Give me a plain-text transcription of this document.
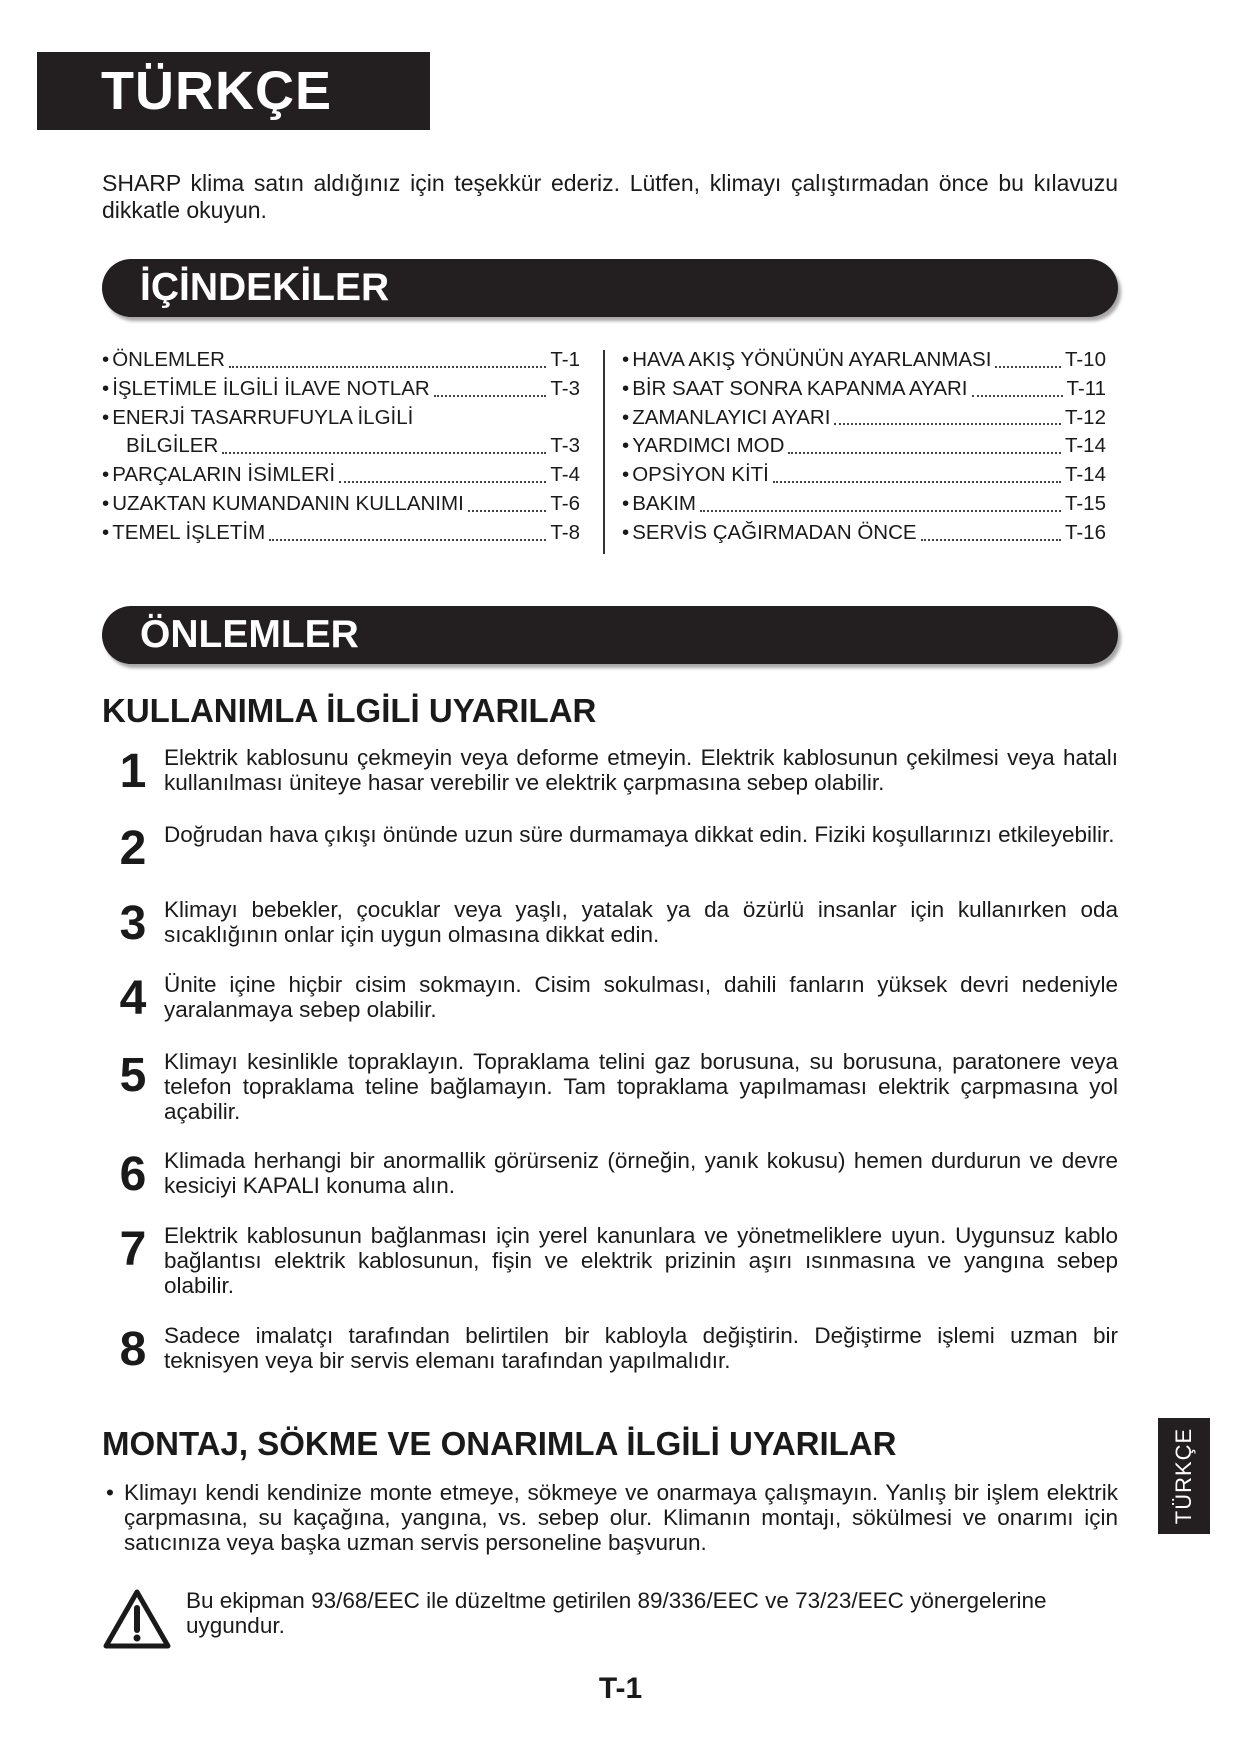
TÜRKÇE
SHARP klima satın aldığınız için teşekkür ederiz. Lütfen, klimayı çalıştırmadan önce bu kılavuzu dikkatle okuyun.
İÇİNDEKİLER
• ÖNLEMLER	T-1
• İŞLETİMLE İLGİLİ İLAVE NOTLAR	T-3
• ENERJİ TASARRUFUYLA İLGİLİ
BİLGİLER	T-3
• PARÇALARIN İSİMLERİ	T-4
• UZAKTAN KUMANDANIN KULLANIMI	T-6
• TEMEL İŞLETİM	T-8
• HAVA AKIŞ YÖNÜNÜN AYARLANMASI	T-10
• BİR SAAT SONRA KAPANMA AYARI	T-11
• ZAMANLAYICI AYARI	T-12
• YARDIMCI MOD	T-14
• OPSİYON KİTİ	T-14
• BAKIM	T-15
• SERVİS ÇAĞIRMADAN ÖNCE	T-16
ÖNLEMLER
KULLANIMLA İLGİLİ UYARILAR
1 Elektrik kablosunu çekmeyin veya deforme etmeyin. Elektrik kablosunun çekilmesi veya hatalı kullanılması üniteye hasar verebilir ve elektrik çarpmasına sebep olabilir.
2 Doğrudan hava çıkışı önünde uzun süre durmamaya dikkat edin. Fiziki koşullarınızı etkileyebilir.
3 Klimayı bebekler, çocuklar veya yaşlı, yatalak ya da özürlü insanlar için kullanırken oda sıcaklığının onlar için uygun olmasına dikkat edin.
4 Ünite içine hiçbir cisim sokmayın. Cisim sokulması, dahili fanların yüksek devri nedeniyle yaralanmaya sebep olabilir.
5 Klimayı kesinlikle topraklayın. Topraklama telini gaz borusuna, su borusuna, paratonere veya telefon topraklama teline bağlamayın. Tam topraklama yapılmaması elektrik çarpmasına yol açabilir.
6 Klimada herhangi bir anormallik görürseniz (örneğin, yanık kokusu) hemen durdurun ve devre kesiciyi KAPALI konuma alın.
7 Elektrik kablosunun bağlanması için yerel kanunlara ve yönetmeliklere uyun. Uygunsuz kablo bağlantısı elektrik kablosunun, fişin ve elektrik prizinin aşırı ısınmasına ve yangına sebep olabilir.
8 Sadece imalatçı tarafından belirtilen bir kabloyla değiştirin. Değiştirme işlemi uzman bir teknisyen veya bir servis elemanı tarafından yapılmalıdır.
MONTAJ, SÖKME VE ONARIMLA İLGİLİ UYARILAR
• Klimayı kendi kendinize monte etmeye, sökmeye ve onarmaya çalışmayın. Yanlış bir işlem elektrik çarpmasına, su kaçağına, yangına, vs. sebep olur. Klimanın montajı, sökülmesi ve onarımı için satıcınıza veya başka uzman servis personeline başvurun.
Bu ekipman 93/68/EEC ile düzeltme getirilen 89/336/EEC ve 73/23/EEC yönergelerine uygundur.
TÜRKÇE
T-1
